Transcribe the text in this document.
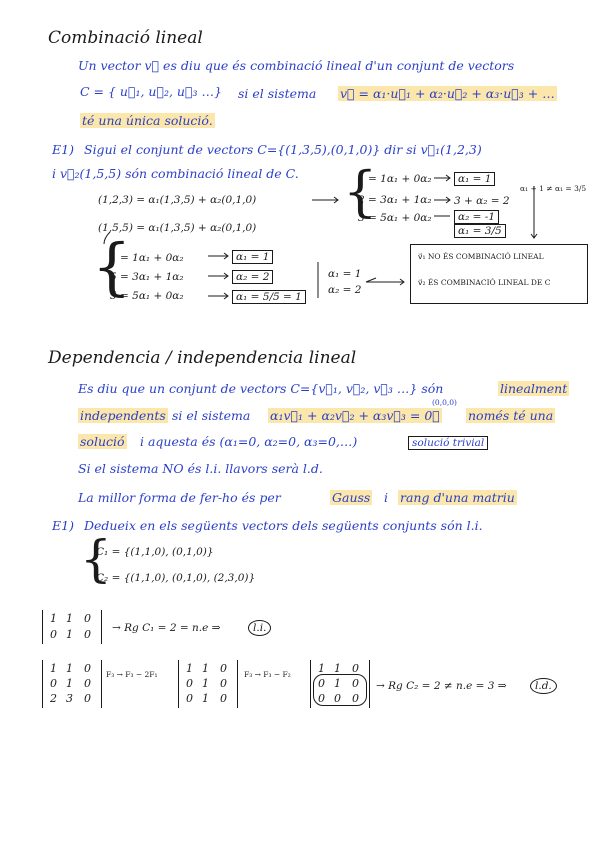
Combinació lineal
Un vector v⃗ es diu que és combinació lineal d'un conjunt de vectors
C = { u⃗₁, u⃗₂, u⃗₃ …} si el sistema v⃗ = α₁·u⃗₁ + α₂·u⃗₂ + α₃·u⃗₃ + …
té una única solució.
E1) Sigui el conjunt de vectors C={(1,3,5),(0,1,0)} dir si v⃗₁(1,2,3)
i v⃗₂(1,5,5) són combinació lineal de C.
(1,2,3) = α₁(1,3,5) + α₂(0,1,0) {
1 = 1α₁ + 0α₂
2 = 3α₁ + 1α₂
3 = 5α₁ + 0α₂
α₁ = 1
3 + α₂ = 2
α₂ = -1
α₁ = 3/5
α₁ + 1 ≠ α₁ = 3/5
(1,5,5) = α₁(1,3,5) + α₂(0,1,0)
{
1 = 1α₁ + 0α₂
5 = 3α₁ + 1α₂
5 = 5α₁ + 0α₂
α₁ = 1
α₂ = 2
α₁ = 5/5 = 1
α₁ = 1
α₂ = 2
v⃗₁ NO ÉS COMBINACIÓ LINEAL
v⃗₂ ÉS COMBINACIÓ LINEAL DE C
Dependencia / independencia lineal
Es diu que un conjunt de vectors C={v⃗₁, v⃗₂, v⃗₃ …} són	linealment
independents si el sistema α₁v⃗₁ + α₂v⃗₂ + α₃v⃗₃ = 0⃗
(0,0,0)
només té una
solució i aquesta és (α₁=0, α₂=0, α₃=0,…)	solució trivial
Si el sistema NO és l.i. llavors serà l.d.
La millor forma de fer-ho és per	Gauss i rang d'una matriu
E1) Dedueix en els següents vectors dels següents conjunts són l.i.
{
C₁ = {(1,1,0), (0,1,0)}
C₂ = {(1,1,0), (0,1,0), (2,3,0)}
1 1 0
0 1 0 → Rg C₁ = 2 = n.e ⇒	l.i.
1 1 0
0 1 0
2 3 0
F₃ → F₃ − 2F₁	1 1 0
0 1 0
0 1 0
F₃ → F₃ − F₂ 1 1 0
0 1 0
0 0 0
→ Rg C₂ = 2 ≠ n.e = 3 ⇒	l.d.
